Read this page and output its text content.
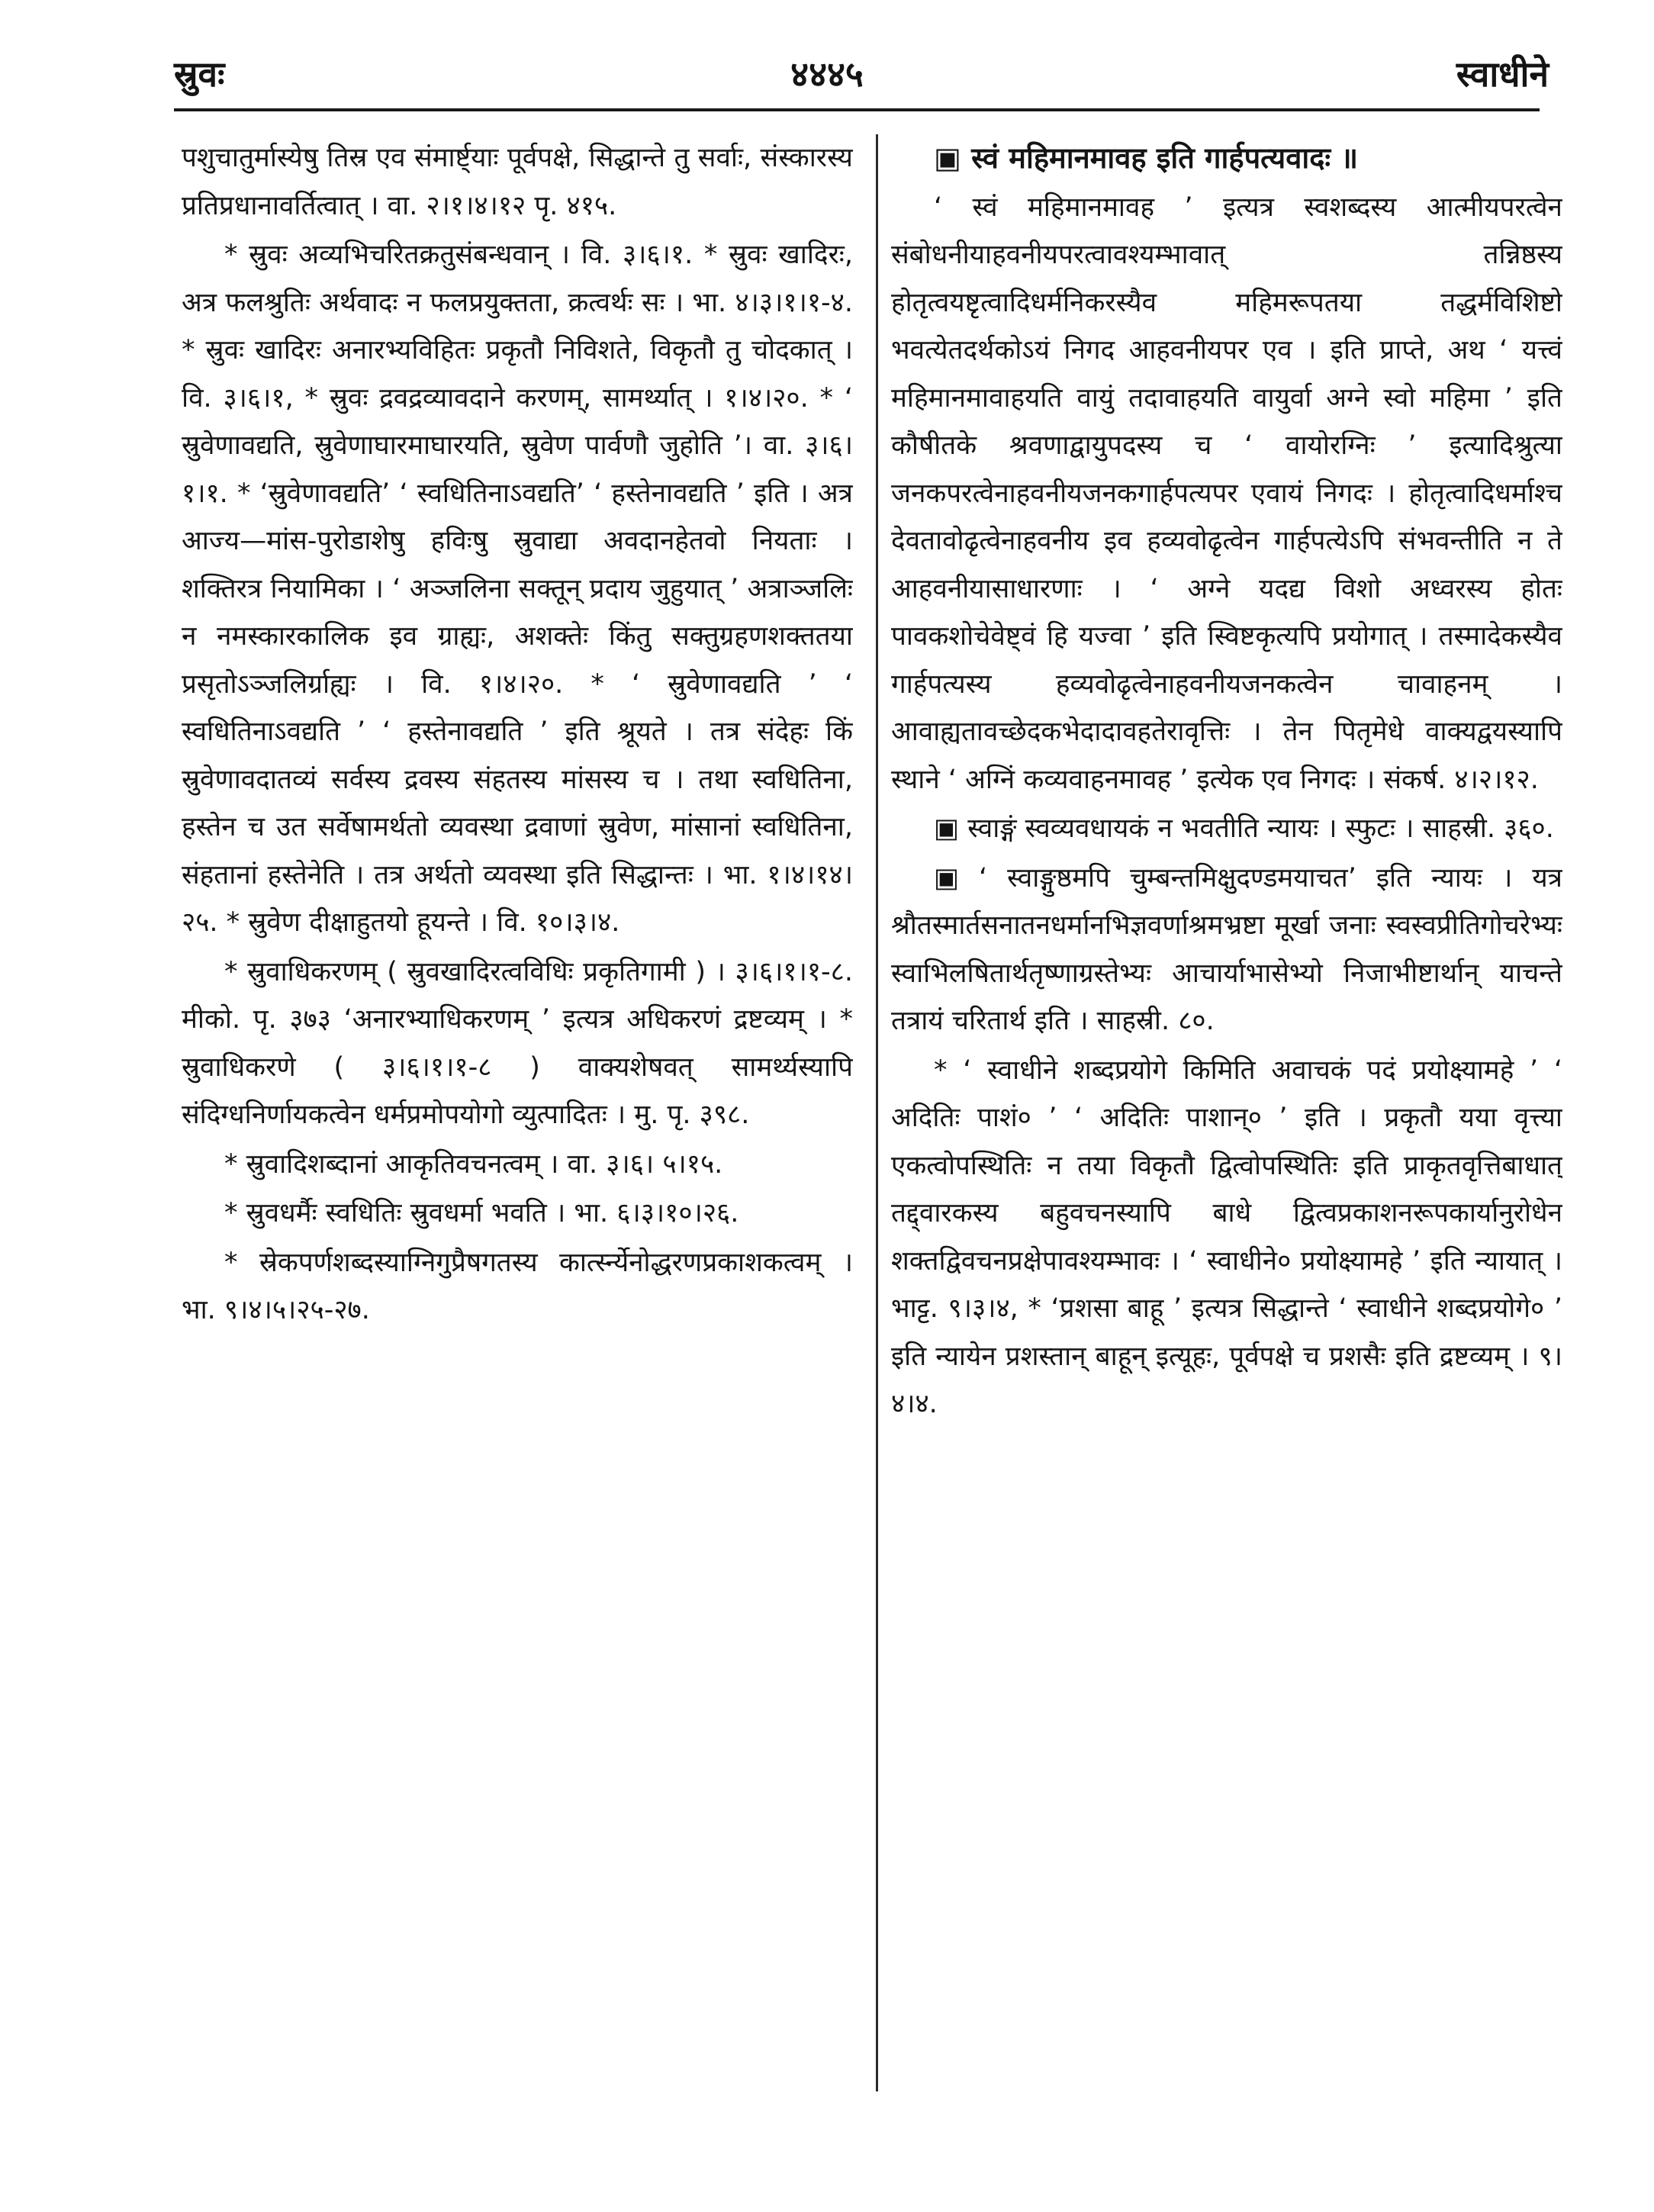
स्रुवः	४४४५	स्वाधीने

पशुचातुर्मास्येषु तिस्र एव संमार्ष्ट्याः पूर्वपक्षे, सिद्धान्ते तु सर्वाः, संस्कारस्य प्रतिप्रधानावर्तित्वात् । वा. २।१।४।१२ पृ. ४१५.

* स्रुवः अव्यभिचरितक्रतुसंबन्धवान् । वि. ३।६।१. * स्रुवः खादिरः, अत्र फलश्रुतिः अर्थवादः न फलप्रयुक्तता, क्रत्वर्थः सः । भा. ४।३।१।१-४. * स्रुवः खादिरः अनारभ्यविहितः प्रकृतौ निविशते, विकृतौ तु चोदकात् । वि. ३।६।१, * स्रुवः द्रवद्रव्यावदाने करणम्, सामर्थ्यात् । १।४।२०. * ‘ स्रुवेणावद्यति, स्रुवेणाघारमाघारयति, स्रुवेण पार्वणौ जुहोति ’। वा. ३।६।१।१. * ‘स्रुवेणावद्यति’ ‘ स्वधितिनाऽवद्यति’ ‘ हस्तेनावद्यति ’ इति । अत्र आज्य—मांस-पुरोडाशेषु हविःषु स्रुवाद्या अवदानहेतवो नियताः । शक्तिरत्र नियामिका । ‘ अञ्जलिना सक्तून् प्रदाय जुहुयात् ’ अत्राञ्जलिः न नमस्कारकालिक इव ग्राह्यः, अशक्तेः किंतु सक्तुग्रहणशक्ततया प्रसृतोऽञ्जलिर्ग्राह्यः । वि. १।४।२०. * ‘ स्रुवेणावद्यति ’ ‘ स्वधितिनाऽवद्यति ’ ‘ हस्तेनावद्यति ’ इति श्रूयते । तत्र संदेहः किं स्रुवेणावदातव्यं सर्वस्य द्रवस्य संहतस्य मांसस्य च । तथा स्वधितिना, हस्तेन च उत सर्वेषामर्थतो व्यवस्था द्रवाणां स्रुवेण, मांसानां स्वधितिना, संहतानां हस्तेनेति । तत्र अर्थतो व्यवस्था इति सिद्धान्तः । भा. १।४।१४।२५. * स्रुवेण दीक्षाहुतयो हूयन्ते । वि. १०।३।४.

* स्रुवाधिकरणम् ( स्रुवखादिरत्वविधिः प्रकृतिगामी ) । ३।६।१।१-८. मीको. पृ. ३७३ ‘अनारभ्याधिकरणम् ’ इत्यत्र अधिकरणं द्रष्टव्यम् । * स्रुवाधिकरणे ( ३।६।१।१-८ ) वाक्यशेषवत् सामर्थ्यस्यापि संदिग्धनिर्णायकत्वेन धर्मप्रमोपयोगो व्युत्पादितः । मु. पृ. ३९८.

* स्रुवादिशब्दानां आकृतिवचनत्वम् । वा. ३।६। ५।१५.

* स्रुवधर्मैः स्वधितिः स्रुवधर्मा भवति । भा. ६।३।१०।२६.

* स्रेकपर्णशब्दस्याग्निगुप्रैषगतस्य कार्त्स्न्येनोद्धरणप्रकाशकत्वम् । भा. ९।४।५।२५-२७.

▣ स्वं महिमानमावह इति गार्हपत्यवादः ॥

‘ स्वं महिमानमावह ’ इत्यत्र स्वशब्दस्य आत्मीयपरत्वेन संबोधनीयाहवनीयपरत्वावश्यम्भावात् तन्निष्ठस्य होतृत्वयष्टृत्वादिधर्मनिकरस्यैव महिमरूपतया तद्धर्मविशिष्टो भवत्येतदर्थकोऽयं निगद आहवनीयपर एव । इति प्राप्ते, अथ ‘ यत्त्वं महिमानमावाहयति वायुं तदावाहयति वायुर्वा अग्ने स्वो महिमा ’ इति कौषीतके श्रवणाद्वायुपदस्य च ‘ वायोरग्निः ’ इत्यादिश्रुत्या जनकपरत्वेनाहवनीयजनकगार्हपत्यपर एवायं निगदः । होतृत्वादिधर्माश्च देवतावोढृत्वेनाहवनीय इव हव्यवोढृत्वेन गार्हपत्येऽपि संभवन्तीति न ते आहवनीयासाधारणाः । ‘ अग्ने यदद्य विशो अध्वरस्य होतः पावकशोचेवेष्ट्वं हि यज्वा ’ इति स्विष्टकृत्यपि प्रयोगात् । तस्मादेकस्यैव गार्हपत्यस्य हव्यवोढृत्वेनाहवनीयजनकत्वेन चावाहनम् । आवाह्यतावच्छेदकभेदादावहतेरावृत्तिः । तेन पितृमेधे वाक्यद्वयस्यापि स्थाने ‘ अग्निं कव्यवाहनमावह ’ इत्येक एव निगदः । संकर्ष. ४।२।१२.

▣ स्वाङ्गं स्वव्यवधायकं न भवतीति न्यायः । स्फुटः । साहस्री. ३६०.

▣ ‘ स्वाङ्गुष्ठमपि चुम्बन्तमिक्षुदण्डमयाचत’ इति न्यायः । यत्र श्रौतस्मार्तसनातनधर्मानभिज्ञवर्णाश्रमभ्रष्टा मूर्खा जनाः स्वस्वप्रीतिगोचरेभ्यः स्वाभिलषितार्थतृष्णाग्रस्तेभ्यः आचार्याभासेभ्यो निजाभीष्टार्थान् याचन्ते तत्रायं चरितार्थ इति । साहस्री. ८०.

* ‘ स्वाधीने शब्दप्रयोगे किमिति अवाचकं पदं प्रयोक्ष्यामहे ’ ‘ अदितिः पाशं० ’ ‘ अदितिः पाशान्० ’ इति । प्रकृतौ यया वृत्त्या एकत्वोपस्थितिः न तया विकृतौ द्वित्वोपस्थितिः इति प्राकृतवृत्तिबाधात् तद्द्वारकस्य बहुवचनस्यापि बाधे द्वित्वप्रकाशनरूपकार्यानुरोधेन शक्तद्विवचनप्रक्षेपावश्यम्भावः । ‘ स्वाधीने० प्रयोक्ष्यामहे ’ इति न्यायात् । भाट्ट. ९।३।४, * ‘प्रशसा बाहू ’ इत्यत्र सिद्धान्ते ‘ स्वाधीने शब्दप्रयोगे० ’ इति न्यायेन प्रशस्तान् बाहून् इत्यूहः, पूर्वपक्षे च प्रशसैः इति द्रष्टव्यम् । ९।४।४.
